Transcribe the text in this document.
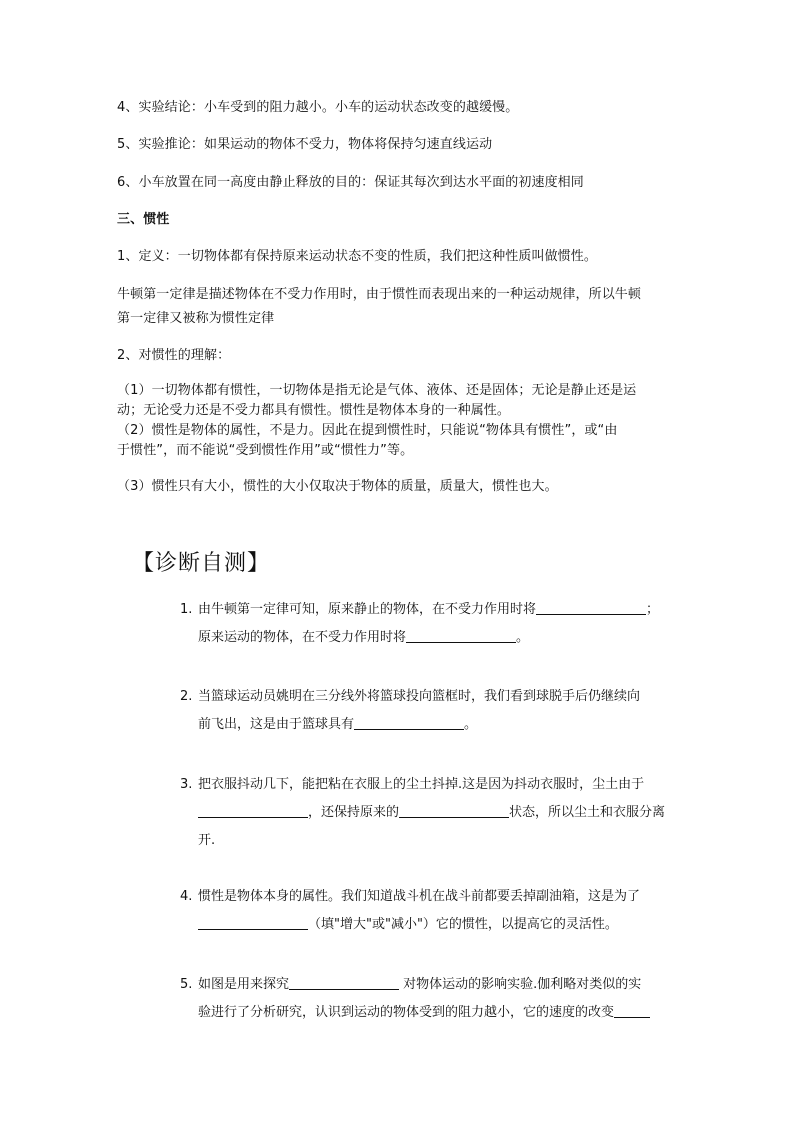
4、实验结论：小车受到的阻力越小。小车的运动状态改变的越缓慢。
5、实验推论：如果运动的物体不受力，物体将保持匀速直线运动
6、小车放置在同一高度由静止释放的目的：保证其每次到达水平面的初速度相同
三、惯性
1、定义：一切物体都有保持原来运动状态不变的性质，我们把这种性质叫做惯性。
牛顿第一定律是描述物体在不受力作用时，由于惯性而表现出来的一种运动规律，所以牛顿
第一定律又被称为惯性定律
2、对惯性的理解：
（1）一切物体都有惯性，一切物体是指无论是气体、液体、还是固体；无论是静止还是运
动；无论受力还是不受力都具有惯性。惯性是物体本身的一种属性。
（2）惯性是物体的属性，不是力。因此在提到惯性时，只能说“物体具有惯性”，或“由
于惯性”，而不能说“受到惯性作用”或“惯性力”等。
（3）惯性只有大小，惯性的大小仅取决于物体的质量，质量大，惯性也大。
【诊断自测】
1. 由牛顿第一定律可知，原来静止的物体，在不受力作用时将	；
原来运动的物体，在不受力作用时将	。
2. 当篮球运动员姚明在三分线外将篮球投向篮框时，我们看到球脱手后仍继续向
前飞出，这是由于篮球具有	。
3. 把衣服抖动几下，能把粘在衣服上的尘土抖掉.这是因为抖动衣服时，尘土由于
，还保持原来的	状态，所以尘土和衣服分离
开.
4. 惯性是物体本身的属性。我们知道战斗机在战斗前都要丢掉副油箱，这是为了
（填"增大"或"减小"）它的惯性，以提高它的灵活性。
5. 如图是用来探究	对物体运动的影响实验.伽利略对类似的实
验进行了分析研究，认识到运动的物体受到的阻力越小，它的速度的改变
